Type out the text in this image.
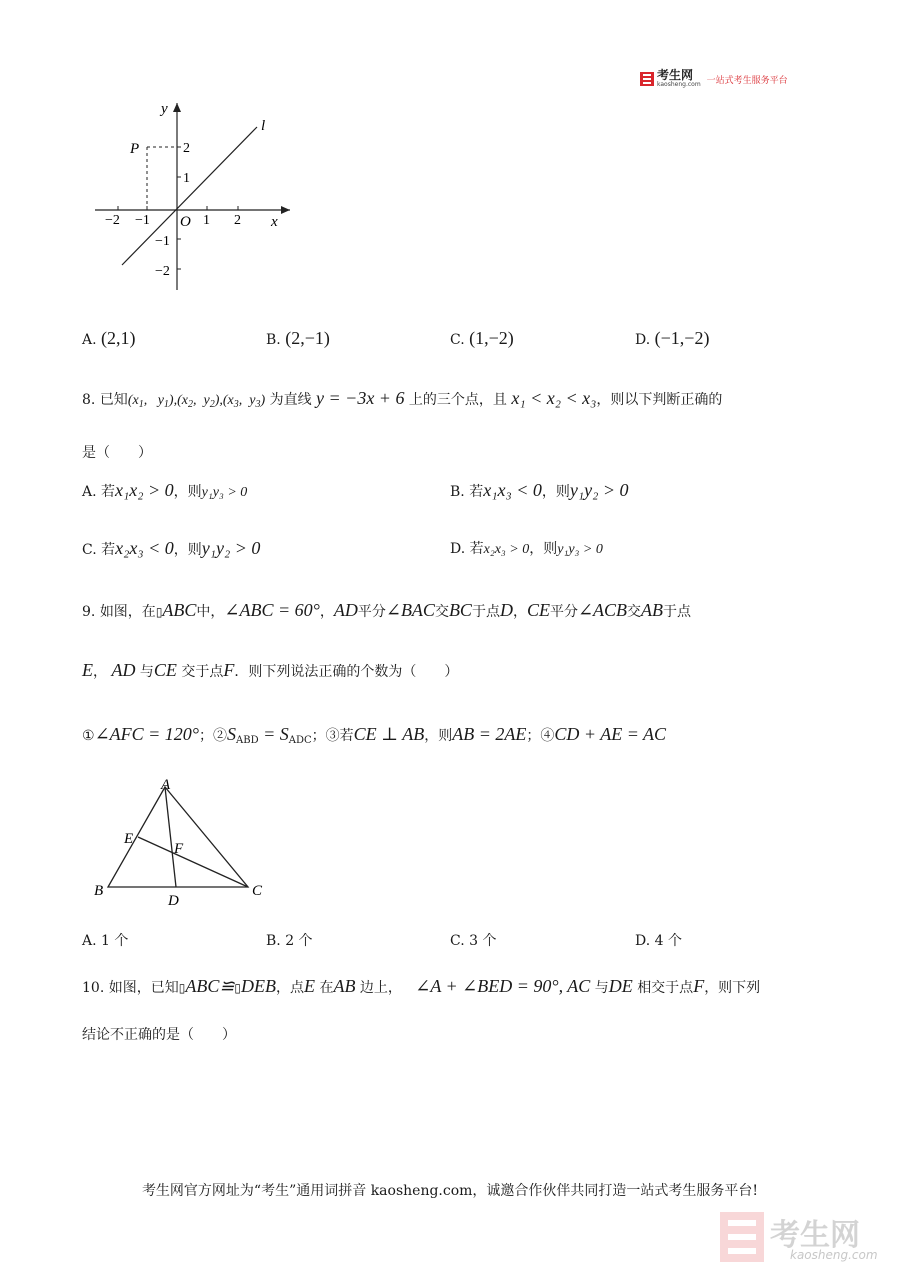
考生网
kaosheng.com 一站式考生服务平台
y
x
O
l
P
−2 −1	1 2
2
1
−1
−2
A. (2,1)	B. (2,−1)	C. (1,−2)	D. (−1,−2)
8. 已知($x_1$,   $y_1),(x_2$,  $y_2),(x_3$,  $y_3$) 为直线 y = −3x + 6 上的三个点，且 x₁ < x₂ < x₃，则以下判断正确的
是（　　）
A. 若x₁x₂ > 0，则y₁y₃ > 0	B. 若x₁x₃ < 0，则y₁y₂ > 0
C. 若x₂x₃ < 0，则y₁y₂ > 0	D. 若x₂x₃ > 0，则y₁y₃ > 0
9. 如图，在▯ABC中，∠ABC = 60°，AD平分∠BAC交BC于点D，CE平分∠ACB交AB于点
E， AD 与CE 交于点F．则下列说法正确的个数为（　　）
①∠AFC = 120°；$②S_{ABD} = S_{ADC}$；③若CE ⊥ AB，则AB = 2AE；④CD + AE = AC
A
B	C
D
E
F
A. 1 个	B. 2 个	C. 3 个	D. 4 个
10. 如图，已知▯ABC≌▯DEB，点E 在AB 边上， ∠A + ∠BED = 90°, AC 与DE 相交于点F，则下列
结论不正确的是（　　）
考生网官方网址为“考生”通用词拼音 kaosheng.com，诚邀合作伙伴共同打造一站式考生服务平台!
考生网
kaosheng.com
